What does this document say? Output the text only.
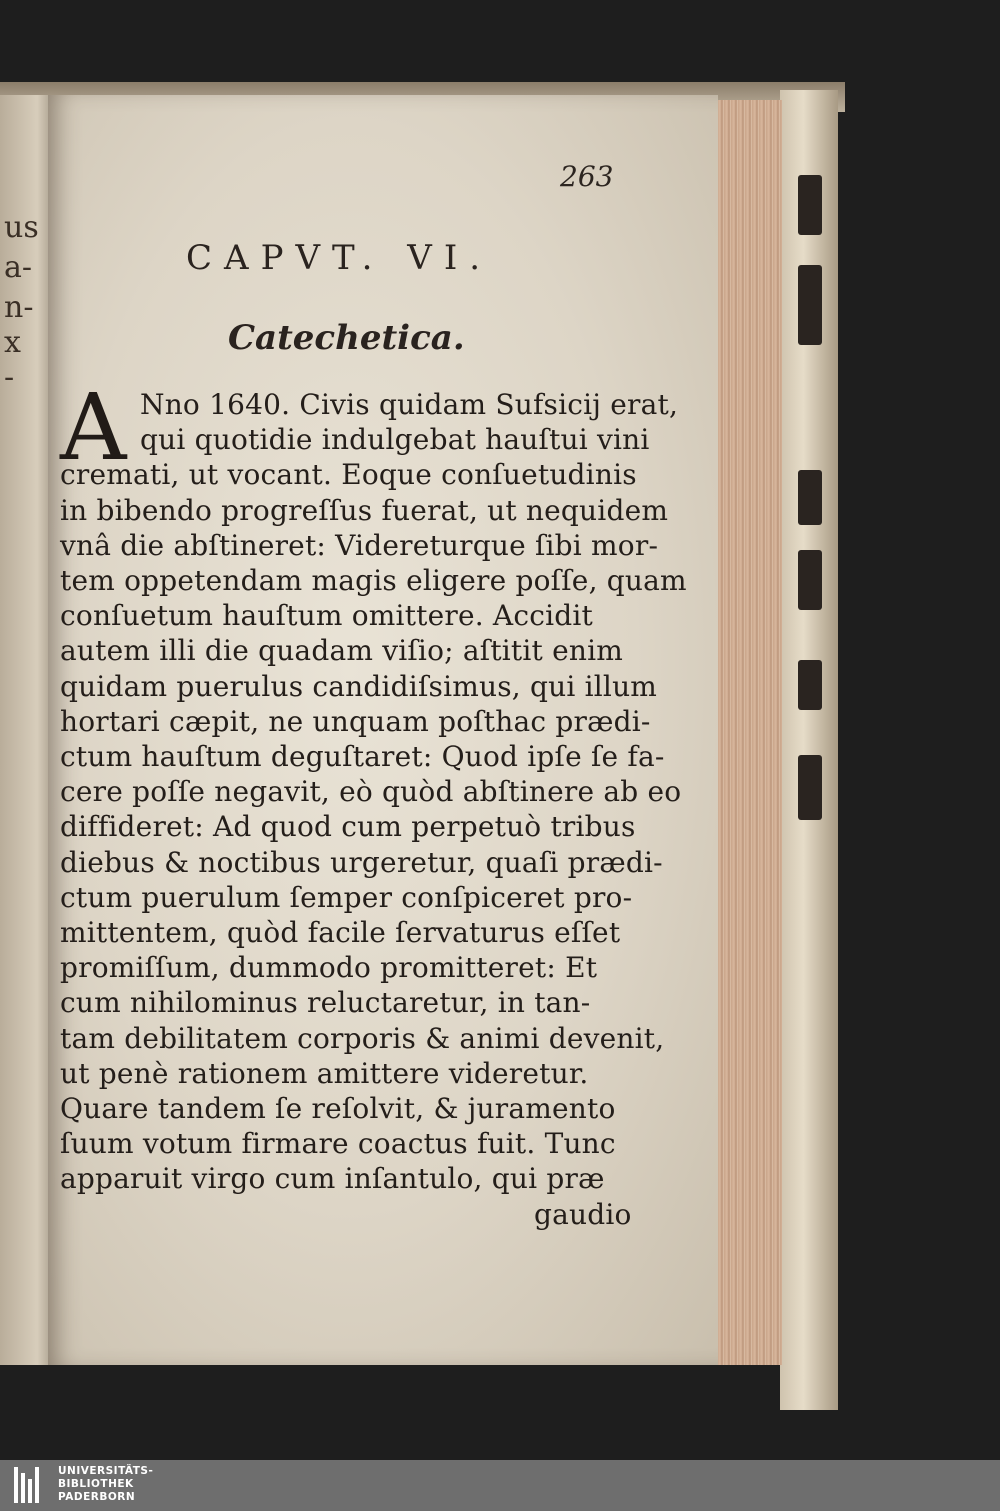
us
a-
n-
x
-
263
CAPVT. VI.
Catechetica.
A Nno 1640. Civis quidam Sufsicij erat,
qui quotidie indulgebat hauſtui vini
cremati, ut vocant. Eoque conſuetudinis
in bibendo progreſſus fuerat, ut nequidem
vnâ die abſtineret: Videreturque ſibi mor-
tem oppetendam magis eligere poſſe, quam
conſuetum hauſtum omittere. Accidit
autem illi die quadam viſio; aſtitit enim
quidam puerulus candidiſsimus, qui illum
hortari cæpit, ne unquam poſthac prædi-
ctum hauſtum deguſtaret: Quod ipſe ſe fa-
cere poſſe negavit, eò quòd abſtinere ab eo
diffideret: Ad quod cum perpetuò tribus
diebus & noctibus urgeretur, quaſi prædi-
ctum puerulum ſemper conſpiceret pro-
mittentem, quòd facile ſervaturus eſſet
promiſſum, dummodo promitteret: Et
cum nihilominus reluctaretur, in tan-
tam debilitatem corporis & animi devenit,
ut penè rationem amittere videretur.
Quare tandem ſe reſolvit, & juramento
ſuum votum firmare coactus fuit. Tunc
apparuit virgo cum inſantulo, qui præ
gaudio
UNIVERSITÄTS-
BIBLIOTHEK
PADERBORN
